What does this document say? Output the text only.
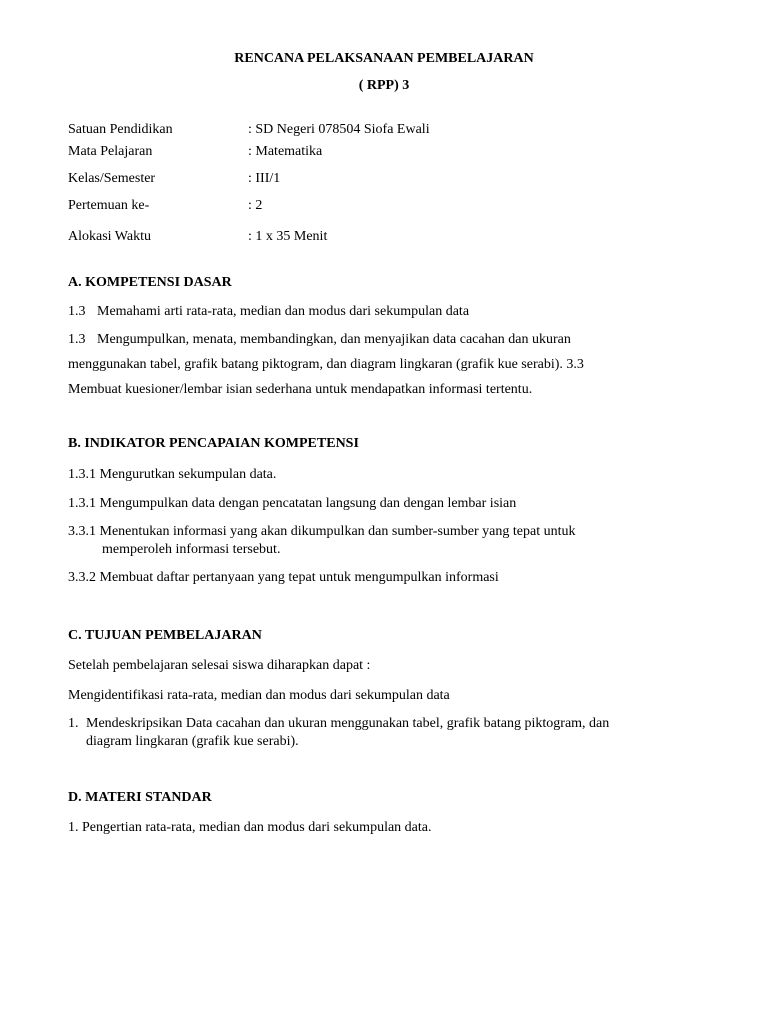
RENCANA PELAKSANAAN PEMBELAJARAN
( RPP) 3
Satuan Pendidikan	: SD Negeri 078504 Siofa Ewali
Mata Pelajaran	: Matematika
Kelas/Semester	: III/1
Pertemuan ke-	: 2
Alokasi Waktu	: 1 x 35 Menit
A. KOMPETENSI DASAR
1.3 Memahami arti rata-rata, median dan modus dari sekumpulan data
1.3 Mengumpulkan, menata, membandingkan, dan menyajikan data cacahan dan ukuran
menggunakan tabel, grafik batang piktogram, dan diagram lingkaran (grafik kue serabi). 3.3
Membuat kuesioner/lembar isian sederhana untuk mendapatkan informasi tertentu.
B. INDIKATOR PENCAPAIAN KOMPETENSI
1.3.1 Mengurutkan sekumpulan data.
1.3.1 Mengumpulkan data dengan pencatatan langsung dan dengan lembar isian
3.3.1 Menentukan informasi yang akan dikumpulkan dan sumber-sumber yang tepat untuk
memperoleh informasi tersebut.
3.3.2 Membuat daftar pertanyaan yang tepat untuk mengumpulkan informasi
C. TUJUAN PEMBELAJARAN
Setelah pembelajaran selesai siswa diharapkan dapat :
Mengidentifikasi rata-rata, median dan modus dari sekumpulan data
1. Mendeskripsikan Data cacahan dan ukuran menggunakan tabel, grafik batang piktogram, dan
diagram lingkaran (grafik kue serabi).
D. MATERI STANDAR
1. Pengertian rata-rata, median dan modus dari sekumpulan data.
